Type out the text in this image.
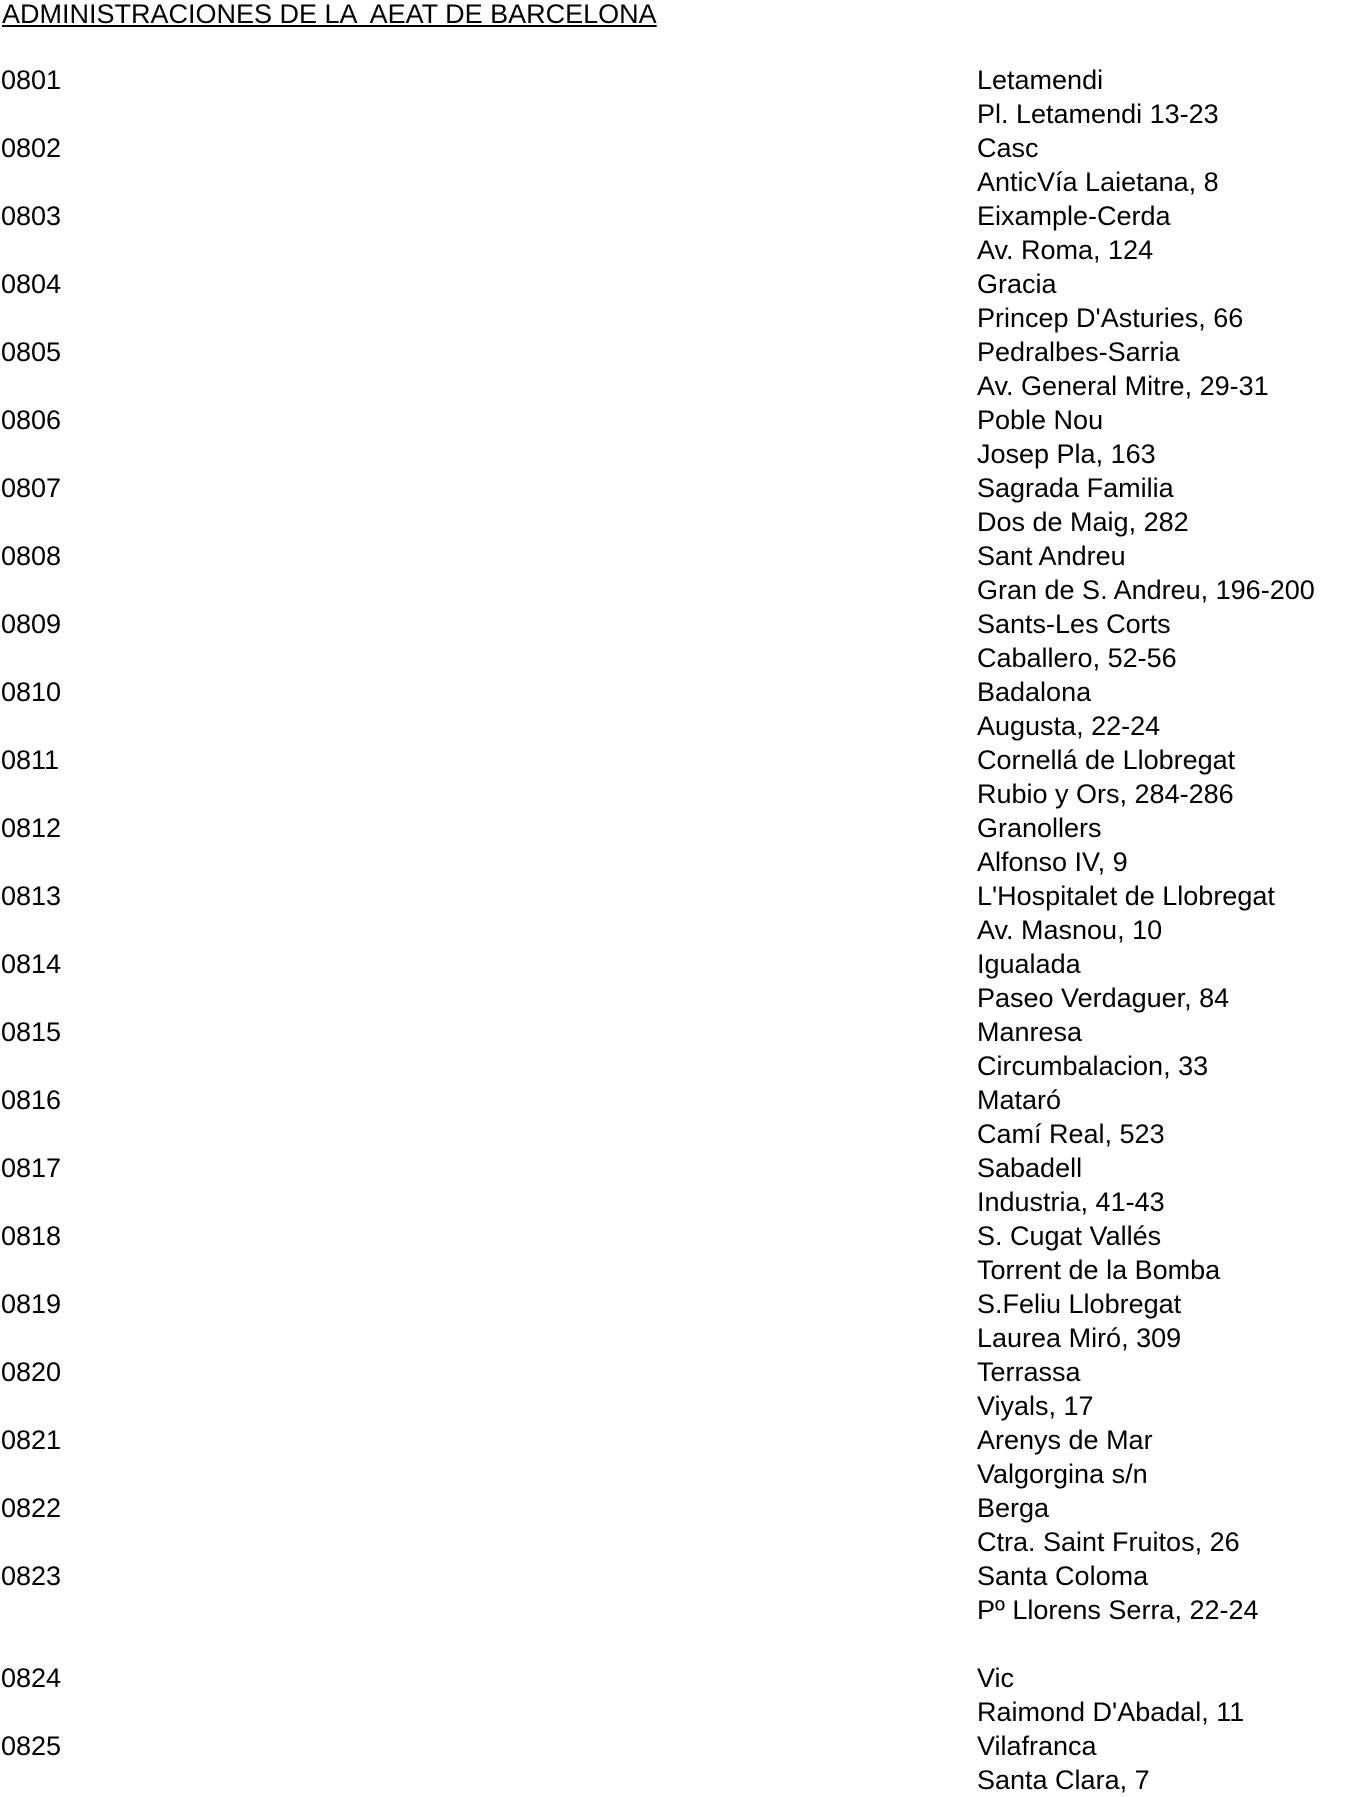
ADMINISTRACIONES DE LA  AEAT DE BARCELONA
0801	Letamendi
Pl. Letamendi 13-23
0802	Casc
AnticVía Laietana, 8
0803	Eixample-Cerda
Av. Roma, 124
0804	Gracia
Princep D'Asturies, 66
0805	Pedralbes-Sarria
Av. General Mitre, 29-31
0806	Poble Nou
Josep Pla, 163
0807	Sagrada Familia
Dos de Maig, 282
0808	Sant Andreu
Gran de S. Andreu, 196-200
0809	Sants-Les Corts
Caballero, 52-56
0810	Badalona
Augusta, 22-24
0811	Cornellá de Llobregat
Rubio y Ors, 284-286
0812	Granollers
Alfonso IV, 9
0813	L'Hospitalet de Llobregat
Av. Masnou, 10
0814	Igualada
Paseo Verdaguer, 84
0815	Manresa
Circumbalacion, 33
0816	Mataró
Camí Real, 523
0817	Sabadell
Industria, 41-43
0818	S. Cugat Vallés
Torrent de la Bomba
0819	S.Feliu Llobregat
Laurea Miró, 309
0820	Terrassa
Viyals, 17
0821	Arenys de Mar
Valgorgina s/n
0822	Berga
Ctra. Saint Fruitos, 26
0823	Santa Coloma
Pº Llorens Serra, 22-24
0824	Vic
Raimond D'Abadal, 11
0825	Vilafranca
Santa Clara, 7
